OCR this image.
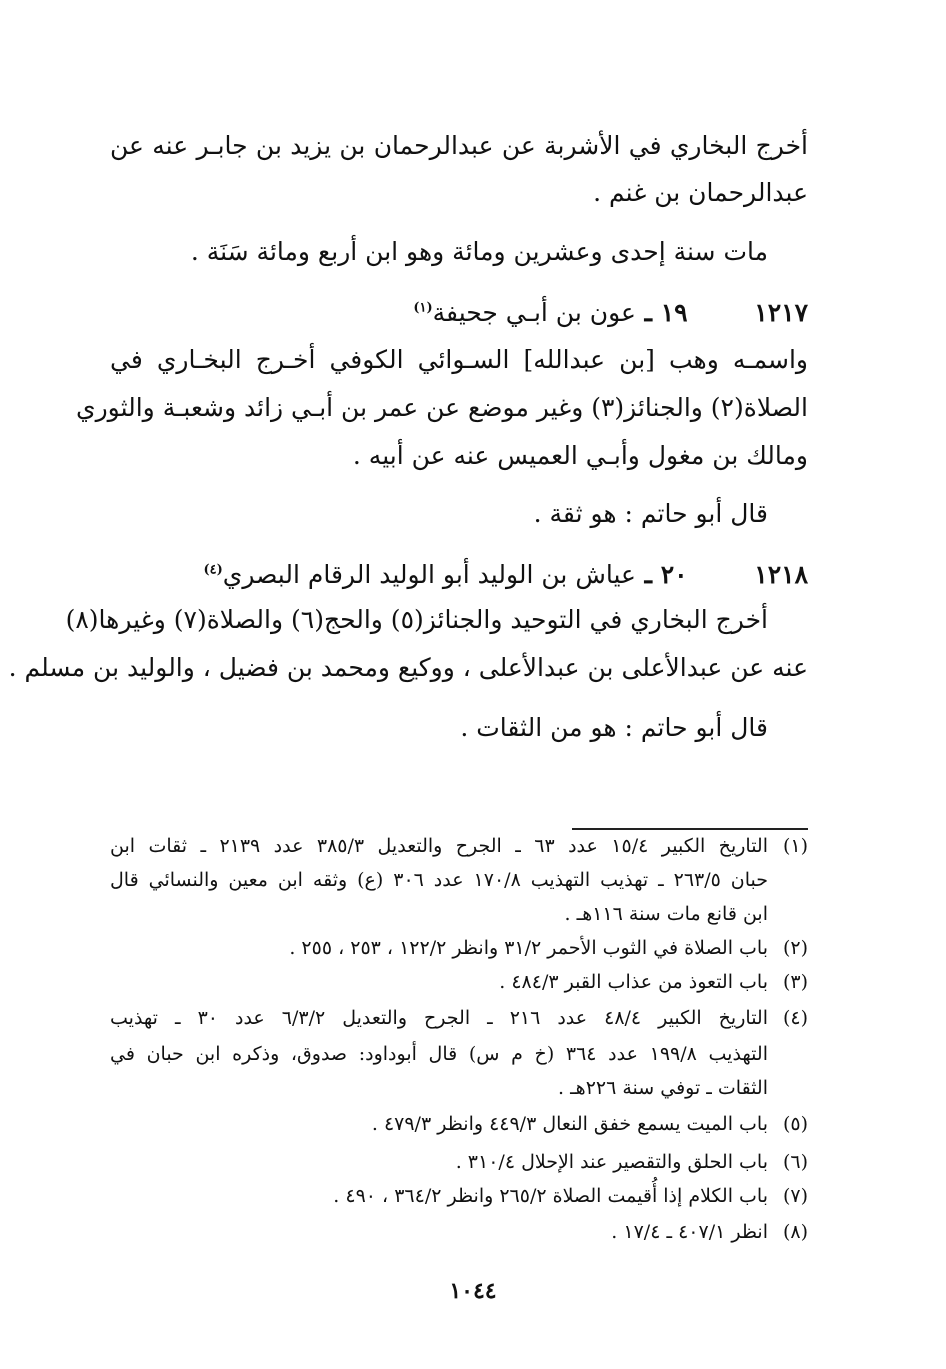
أخرج البخاري في الأشربة عن عبدالرحمان بن يزيد بن جابـر عنه عن

عبدالرحمان بن غنم .

مات سنة إحدى وعشرين ومائة وهو ابن أربع ومائة سَنَة .

١٢١٧ ١٩ ـ عون بن أبـي جحيفة$^{(١)}$

واسمـه وهب [بن عبدالله] السـوائي الكوفي أخـرج البخـاري في

الصلاة(٢) والجنائز(٣) وغير موضع عن عمر بن أبـي زائد وشعبـة والثوري

ومالك بن مغول وأبـي العميس عنه عن أبيه .

قال أبو حاتم : هو ثقة .

١٢١٨ ٢٠ ـ عياش بن الوليد أبو الوليد الرقام البصري$^{(٤)}$

أخرج البخاري في التوحيد والجنائز(٥) والحج(٦) والصلاة(٧) وغيرها(٨)

عنه عن عبدالأعلى بن عبدالأعلى ، ووكيع ومحمد بن فضيل ، والوليد بن مسلم .

قال أبو حاتم : هو من الثقات .

(١)

التاريخ الكبير ١٥/٤ عدد ٦٣ ـ الجرح والتعديل ٣٨٥/٣ عدد ٢١٣٩ ـ ثقات ابن

حبان ٢٦٣/٥ ـ تهذيب التهذيب ١٧٠/٨ عدد ٣٠٦ (ع) وثقه ابن معين والنسائي قال

ابن قانع مات سنة ١١٦هـ .

(٢)

باب الصلاة في الثوب الأحمر ٣١/٢ وانظر ١٢٢/٢ ، ٢٥٣ ، ٢٥٥ .

(٣)

باب التعوذ من عذاب القبر ٤٨٤/٣ .

(٤)

التاريخ الكبير ٤٨/٤ عدد ٢١٦ ـ الجرح والتعديل ٦/٣/٢ عدد ٣٠ ـ تهذيب

التهذيب ١٩٩/٨ عدد ٣٦٤ (خ م س) قال أبوداود: صدوق، وذكره ابن حبان في

الثقات ـ توفي سنة ٢٢٦هـ .

(٥)

باب الميت يسمع خفق النعال ٤٤٩/٣ وانظر ٤٧٩/٣ .

(٦)

باب الحلق والتقصير عند الإحلال ٣١٠/٤ .

(٧)

باب الكلام إذا أُقيمت الصلاة ٢٦٥/٢ وانظر ٣٦٤/٢ ، ٤٩٠ .

(٨)

انظر ٤٠٧/١ ـ ١٧/٤ .

١٠٤٤
